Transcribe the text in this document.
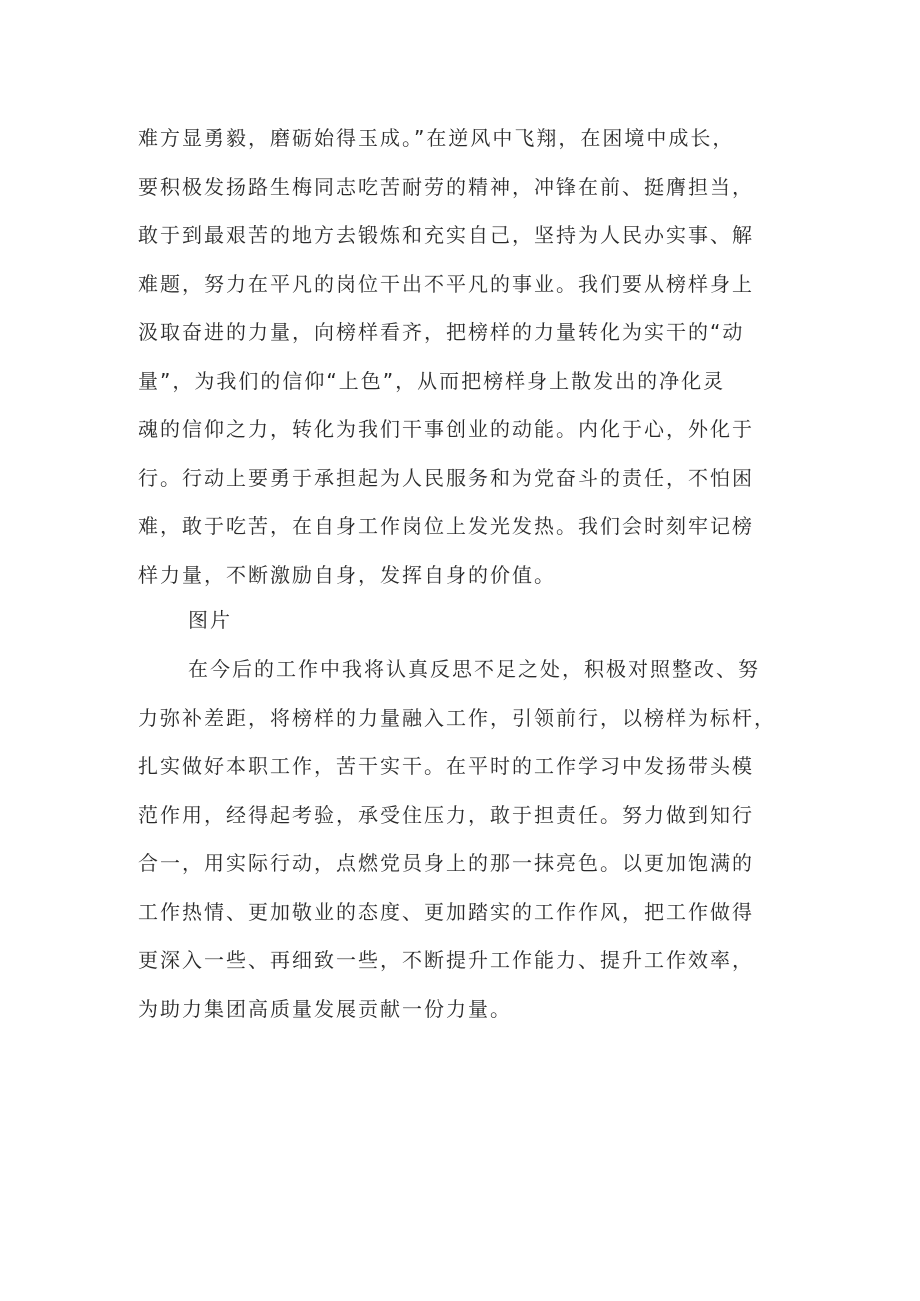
难方显勇毅，磨砺始得玉成。”在逆风中飞翔，在困境中成长，
要积极发扬路生梅同志吃苦耐劳的精神，冲锋在前、挺膺担当，
敢于到最艰苦的地方去锻炼和充实自己，坚持为人民办实事、解
难题，努力在平凡的岗位干出不平凡的事业。我们要从榜样身上
汲取奋进的力量，向榜样看齐，把榜样的力量转化为实干的“动
量”，为我们的信仰“上色”，从而把榜样身上散发出的净化灵
魂的信仰之力，转化为我们干事创业的动能。内化于心，外化于
行。行动上要勇于承担起为人民服务和为党奋斗的责任，不怕困
难，敢于吃苦，在自身工作岗位上发光发热。我们会时刻牢记榜
样力量，不断激励自身，发挥自身的价值。
图片
在今后的工作中我将认真反思不足之处，积极对照整改、努
力弥补差距，将榜样的力量融入工作，引领前行，以榜样为标杆，
扎实做好本职工作，苦干实干。在平时的工作学习中发扬带头模
范作用，经得起考验，承受住压力，敢于担责任。努力做到知行
合一，用实际行动，点燃党员身上的那一抹亮色。以更加饱满的
工作热情、更加敬业的态度、更加踏实的工作作风，把工作做得
更深入一些、再细致一些，不断提升工作能力、提升工作效率，
为助力集团高质量发展贡献一份力量。
